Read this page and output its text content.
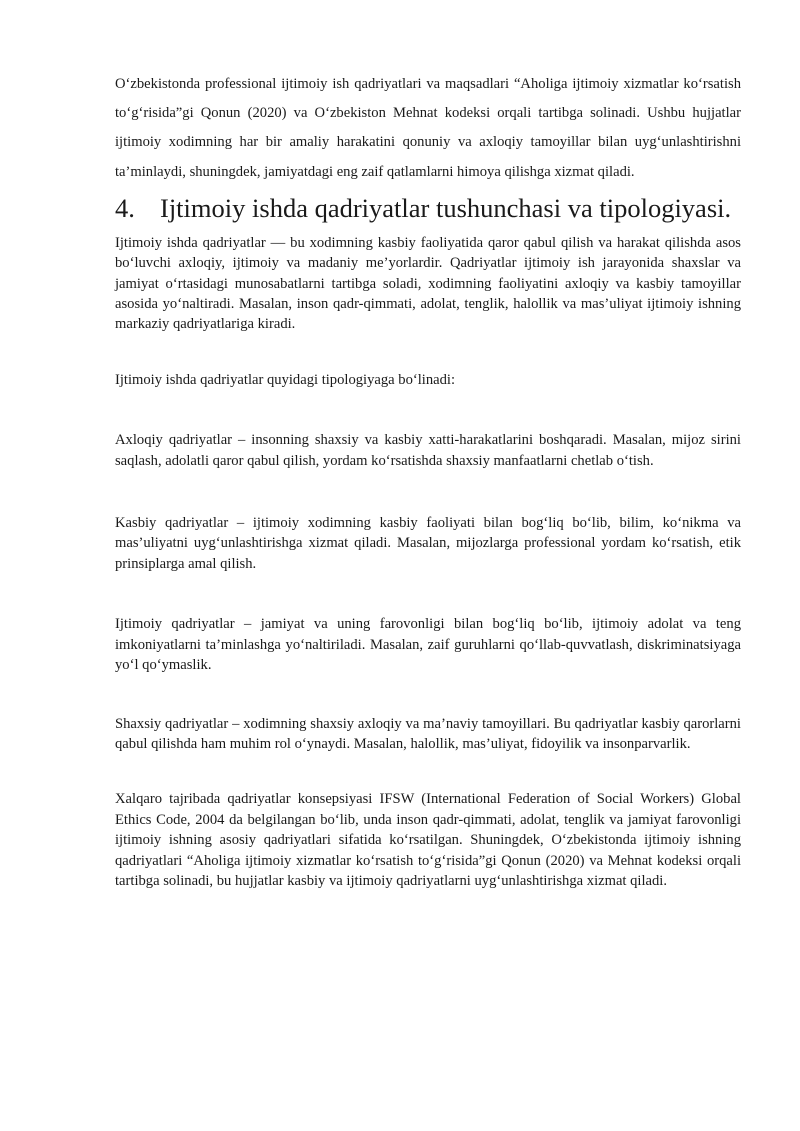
O‘zbekistonda professional ijtimoiy ish qadriyatlari va maqsadlari “Aholiga ijtimoiy xizmatlar ko‘rsatish to‘g‘risida”gi Qonun (2020) va O‘zbekiston Mehnat kodeksi orqali tartibga solinadi. Ushbu hujjatlar ijtimoiy xodimning har bir amaliy harakatini qonuniy va axloqiy tamoyillar bilan uyg‘unlashtirishni ta’minlaydi, shuningdek, jamiyatdagi eng zaif qatlamlarni himoya qilishga xizmat qiladi.

4. Ijtimoiy ishda qadriyatlar tushunchasi va tipologiyasi.

Ijtimoiy ishda qadriyatlar — bu xodimning kasbiy faoliyatida qaror qabul qilish va harakat qilishda asos bo‘luvchi axloqiy, ijtimoiy va madaniy me’yorlardir. Qadriyatlar ijtimoiy ish jarayonida shaxslar va jamiyat o‘rtasidagi munosabatlarni tartibga soladi, xodimning faoliyatini axloqiy va kasbiy tamoyillar asosida yo‘naltiradi. Masalan, inson qadr-qimmati, adolat, tenglik, halollik va mas’uliyat ijtimoiy ishning markaziy qadriyatlariga kiradi.

Ijtimoiy ishda qadriyatlar quyidagi tipologiyaga bo‘linadi:

Axloqiy qadriyatlar – insonning shaxsiy va kasbiy xatti-harakatlarini boshqaradi. Masalan, mijoz sirini saqlash, adolatli qaror qabul qilish, yordam ko‘rsatishda shaxsiy manfaatlarni chetlab o‘tish.

Kasbiy qadriyatlar – ijtimoiy xodimning kasbiy faoliyati bilan bog‘liq bo‘lib, bilim, ko‘nikma va mas’uliyatni uyg‘unlashtirishga xizmat qiladi. Masalan, mijozlarga professional yordam ko‘rsatish, etik prinsiplarga amal qilish.

Ijtimoiy qadriyatlar – jamiyat va uning farovonligi bilan bog‘liq bo‘lib, ijtimoiy adolat va teng imkoniyatlarni ta’minlashga yo‘naltiriladi. Masalan, zaif guruhlarni qo‘llab-quvvatlash, diskriminatsiyaga yo‘l qo‘ymaslik.

Shaxsiy qadriyatlar – xodimning shaxsiy axloqiy va ma’naviy tamoyillari. Bu qadriyatlar kasbiy qarorlarni qabul qilishda ham muhim rol o‘ynaydi. Masalan, halollik, mas’uliyat, fidoyilik va insonparvarlik.

Xalqaro tajribada qadriyatlar konsepsiyasi IFSW (International Federation of Social Workers) Global Ethics Code, 2004 da belgilangan bo‘lib, unda inson qadr-qimmati, adolat, tenglik va jamiyat farovonligi ijtimoiy ishning asosiy qadriyatlari sifatida ko‘rsatilgan. Shuningdek, O‘zbekistonda ijtimoiy ishning qadriyatlari “Aholiga ijtimoiy xizmatlar ko‘rsatish to‘g‘risida”gi Qonun (2020) va Mehnat kodeksi orqali tartibga solinadi, bu hujjatlar kasbiy va ijtimoiy qadriyatlarni uyg‘unlashtirishga xizmat qiladi.
